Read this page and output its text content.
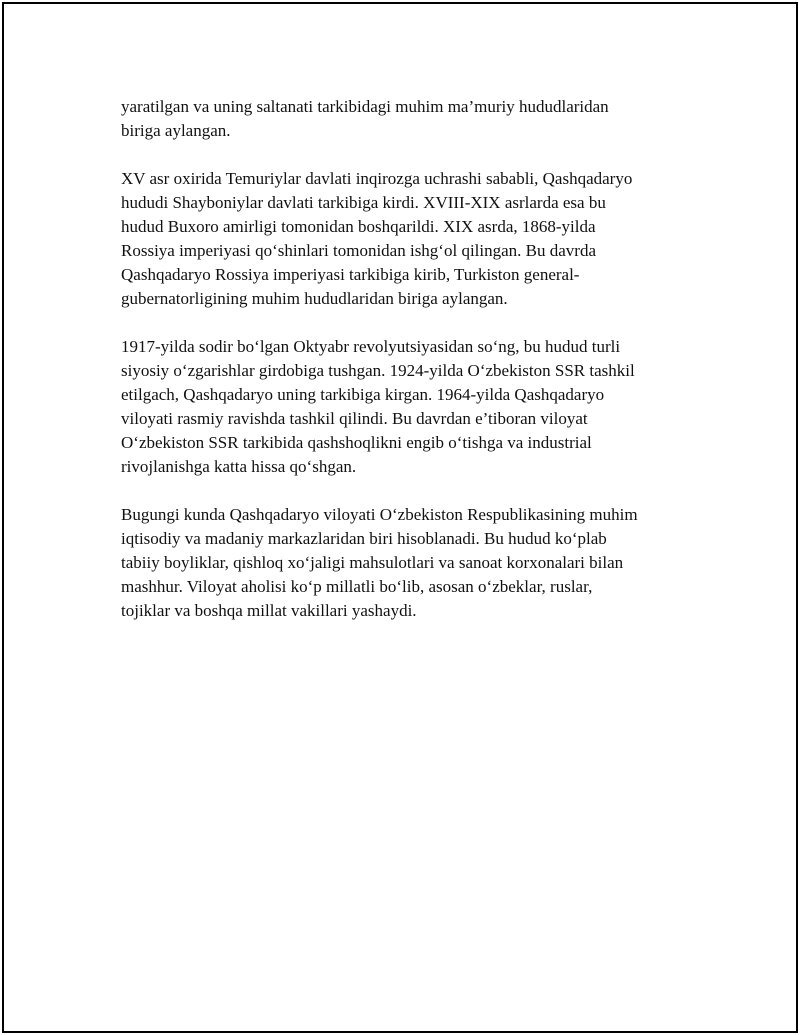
yaratilgan va uning saltanati tarkibidagi muhim ma’muriy hududlaridan
biriga aylangan.

XV asr oxirida Temuriylar davlati inqirozga uchrashi sababli, Qashqadaryo
hududi Shayboniylar davlati tarkibiga kirdi. XVIII-XIX asrlarda esa bu
hudud Buxoro amirligi tomonidan boshqarildi. XIX asrda, 1868-yilda
Rossiya imperiyasi qo‘shinlari tomonidan ishg‘ol qilingan. Bu davrda
Qashqadaryo Rossiya imperiyasi tarkibiga kirib, Turkiston general-
gubernatorligining muhim hududlaridan biriga aylangan.

1917-yilda sodir bo‘lgan Oktyabr revolyutsiyasidan so‘ng, bu hudud turli
siyosiy o‘zgarishlar girdobiga tushgan. 1924-yilda O‘zbekiston SSR tashkil
etilgach, Qashqadaryo uning tarkibiga kirgan. 1964-yilda Qashqadaryo
viloyati rasmiy ravishda tashkil qilindi. Bu davrdan e’tiboran viloyat
O‘zbekiston SSR tarkibida qashshoqlikni engib o‘tishga va industrial
rivojlanishga katta hissa qo‘shgan.

Bugungi kunda Qashqadaryo viloyati O‘zbekiston Respublikasining muhim
iqtisodiy va madaniy markazlaridan biri hisoblanadi. Bu hudud ko‘plab
tabiiy boyliklar, qishloq xo‘jaligi mahsulotlari va sanoat korxonalari bilan
mashhur. Viloyat aholisi ko‘p millatli bo‘lib, asosan o‘zbeklar, ruslar,
tojiklar va boshqa millat vakillari yashaydi.
